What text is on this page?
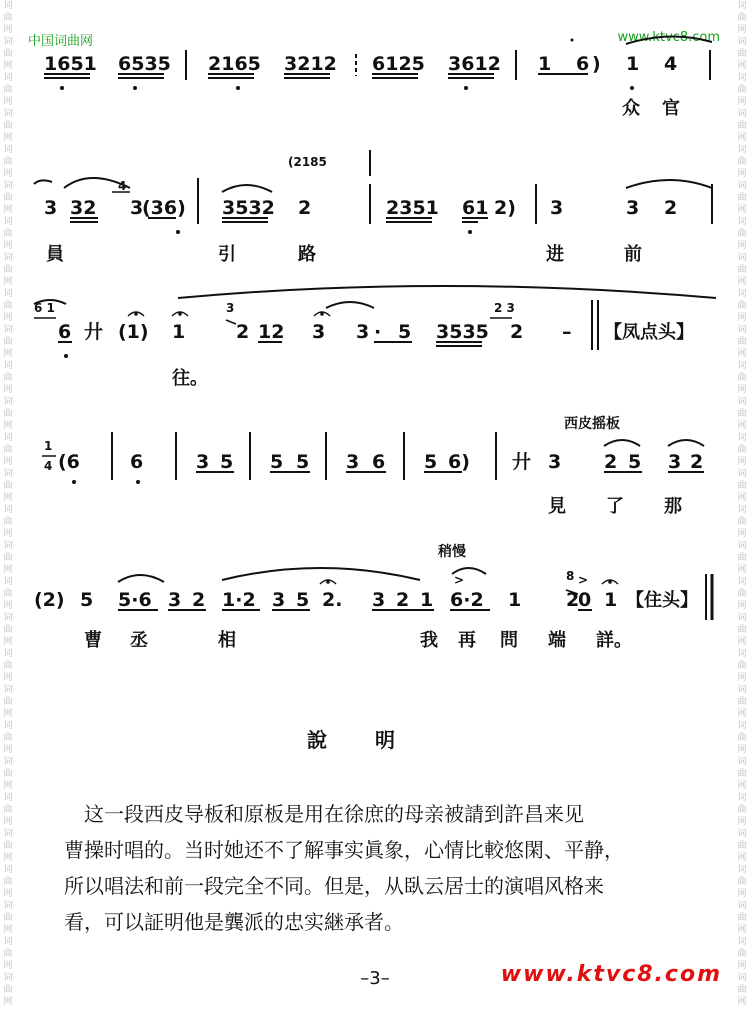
词
曲
网
词
曲
网
词
曲
网
词
曲
网
词
曲
网
词
曲
网
词
曲
网
词
曲
网
词
曲
网
词
曲
网
词
曲
网
词
曲
网
词
曲
网
词
曲
网
词
曲
网
词
曲
网
词
曲
网
词
曲
网
词
曲
网
词
曲
网
词
曲
网
词
曲
网
词
曲
网
词
曲
网
词
曲
网
词
曲
网
词
曲
网
词
曲
网
词
曲
网
词
曲
网
词
曲
网
词
曲
网
词
曲
网
词
曲
网
词
曲
网
词
曲
网
词
曲
网
词
曲
网
词
曲
网
词
曲
网
词
曲
网
词
曲
网
词
曲
网
词
曲
网
词
曲
网
词
曲
网
词
曲
网
词
曲
网
词
曲
网
词
曲
网
词
曲
网
词
曲
网
词
曲
网
词
曲
网
词
曲
网
词
曲
网
中国词曲网	www.ktvc8.com
1651 6535 2165 3212 6125 3612 1 6 ) 1 4
众 官
4
(2185
3 32 3
(36) 3532 2	2351 61 2) 3	3 2
員	引	路	进	前
6 1	3	2 3
6 廾 (1) 1	2 12 3 3 · 5 3535 2 – 【凤点头】
往。
西皮摇板
1
4 (6	6	3 5 5 5 3 6 5 6) 廾 3 2 5 3 2
見 了 那
稍慢
8
>	>
(2) 5 5·6 3 2 1·2 3 5 2. 3 2 1 6·2 1 2
0 1 【住头】
曹 丞	相	我 再 問 端 詳。
說明
这一段西皮导板和原板是用在徐庶的母亲被請到許昌来见
曹操时唱的。当时她还不了解事实眞象，心情比較悠閑、平静，
所以唱法和前一段完全不同。但是，从臥云居士的演唱风格来
看，可以証明他是龔派的忠实継承者。
–3–	www.ktvc8.com
